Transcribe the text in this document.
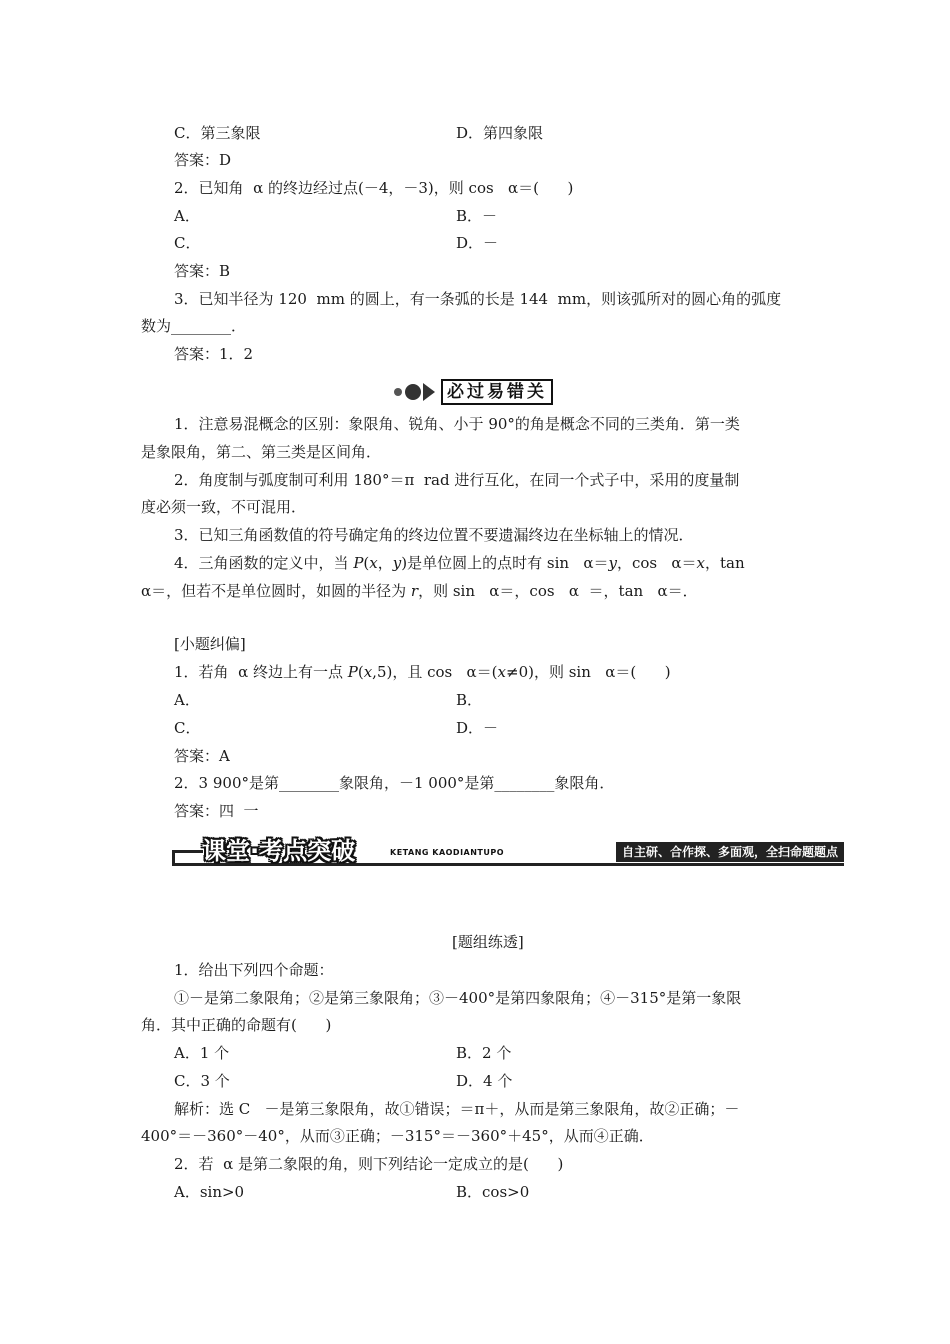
C．第三象限	D．第四象限
答案：D
2．已知角  α 的终边经过点(－4，－3)，则 cos   α＝(      )
A．	B．－
C．	D．－
答案：B
3．已知半径为 120  mm 的圆上，有一条弧的长是 144  mm，则该弧所对的圆心角的弧度
数为________．
答案：1．2
必过易错关
1．注意易混概念的区别：象限角、锐角、小于 90°的角是概念不同的三类角．第一类
是象限角，第二、第三类是区间角．
2．角度制与弧度制可利用 180°＝π  rad 进行互化，在同一个式子中，采用的度量制
度必须一致，不可混用．
3．已知三角函数值的符号确定角的终边位置不要遗漏终边在坐标轴上的情况．
4．三角函数的定义中，当 P(x，y)是单位圆上的点时有 sin   α＝y，cos   α＝x，tan
α＝，但若不是单位圆时，如圆的半径为 r，则 sin   α＝，cos   α  ＝，tan   α＝．
[小题纠偏]
1．若角  α 终边上有一点 P(x,5)，且 cos   α＝(x≠0)，则 sin   α＝(      )
A．	B．
C．	D．－
答案：A
2．3 900°是第________象限角，－1 000°是第________象限角．
答案：四  一
课堂·考点突破	KETANG KAODIANTUPO	自主研、合作探、多面观，全扫命题题点
[题组练透]
1．给出下列四个命题：
①－是第二象限角；②是第三象限角；③－400°是第四象限角；④－315°是第一象限
角．其中正确的命题有(      )
A．1 个	B．2 个
C．3 个	D．4 个
解析：选 C   －是第三象限角，故①错误；＝π＋，从而是第三象限角，故②正确；－
400°＝－360°－40°，从而③正确；－315°＝－360°＋45°，从而④正确．
2．若  α 是第二象限的角，则下列结论一定成立的是(      )
A．sin>0	B．cos>0
